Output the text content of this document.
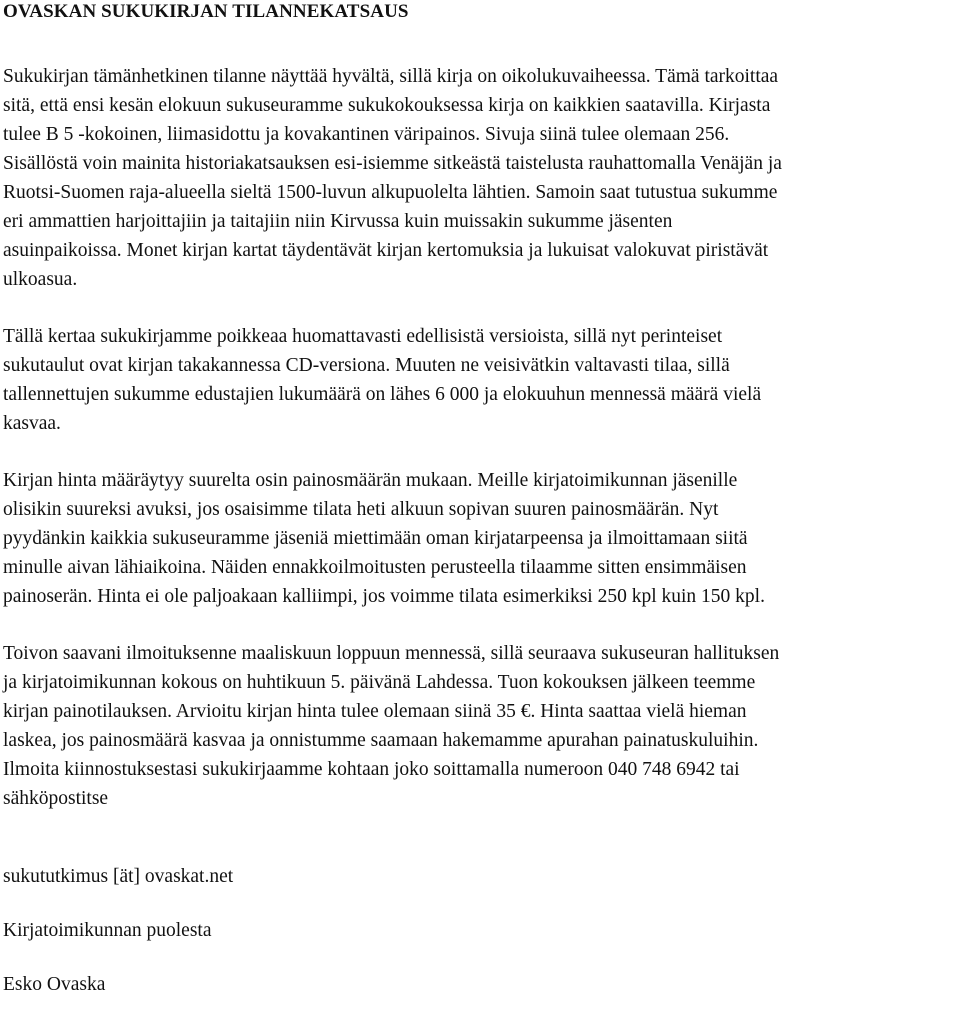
OVASKAN SUKUKIRJAN TILANNEKATSAUS

Sukukirjan tämänhetkinen tilanne näyttää hyvältä, sillä kirja on oikolukuvaiheessa. Tämä tarkoittaa
sitä, että ensi kesän elokuun sukuseuramme sukukokouksessa kirja on kaikkien saatavilla. Kirjasta
tulee B 5 -kokoinen, liimasidottu ja kovakantinen väripainos. Sivuja siinä tulee olemaan 256.
Sisällöstä voin mainita historiakatsauksen esi-isiemme sitkeästä taistelusta rauhattomalla Venäjän ja
Ruotsi-Suomen raja-alueella sieltä 1500-luvun alkupuolelta lähtien. Samoin saat tutustua sukumme
eri ammattien harjoittajiin ja taitajiin niin Kirvussa kuin muissakin sukumme jäsenten
asuinpaikoissa. Monet kirjan kartat täydentävät kirjan kertomuksia ja lukuisat valokuvat piristävät
ulkoasua.

Tällä kertaa sukukirjamme poikkeaa huomattavasti edellisistä versioista, sillä nyt perinteiset
sukutaulut ovat kirjan takakannessa CD-versiona. Muuten ne veisivätkin valtavasti tilaa, sillä
tallennettujen sukumme edustajien lukumäärä on lähes 6 000 ja elokuuhun mennessä määrä vielä
kasvaa.

Kirjan hinta määräytyy suurelta osin painosmäärän mukaan. Meille kirjatoimikunnan jäsenille
olisikin suureksi avuksi, jos osaisimme tilata heti alkuun sopivan suuren painosmäärän. Nyt
pyydänkin kaikkia sukuseuramme jäseniä miettimään oman kirjatarpeensa ja ilmoittamaan siitä
minulle aivan lähiaikoina. Näiden ennakkoilmoitusten perusteella tilaamme sitten ensimmäisen
painoserän. Hinta ei ole paljoakaan kalliimpi, jos voimme tilata esimerkiksi 250 kpl kuin 150 kpl.

Toivon saavani ilmoituksenne maaliskuun loppuun mennessä, sillä seuraava sukuseuran hallituksen
ja kirjatoimikunnan kokous on huhtikuun 5. päivänä Lahdessa. Tuon kokouksen jälkeen teemme
kirjan painotilauksen. Arvioitu kirjan hinta tulee olemaan siinä 35 €. Hinta saattaa vielä hieman
laskea, jos painosmäärä kasvaa ja onnistumme saamaan hakemamme apurahan painatuskuluihin.
Ilmoita kiinnostuksestasi sukukirjaamme kohtaan joko soittamalla numeroon 040 748 6942 tai
sähköpostitse

sukututkimus [ät] ovaskat.net

Kirjatoimikunnan puolesta

Esko Ovaska
